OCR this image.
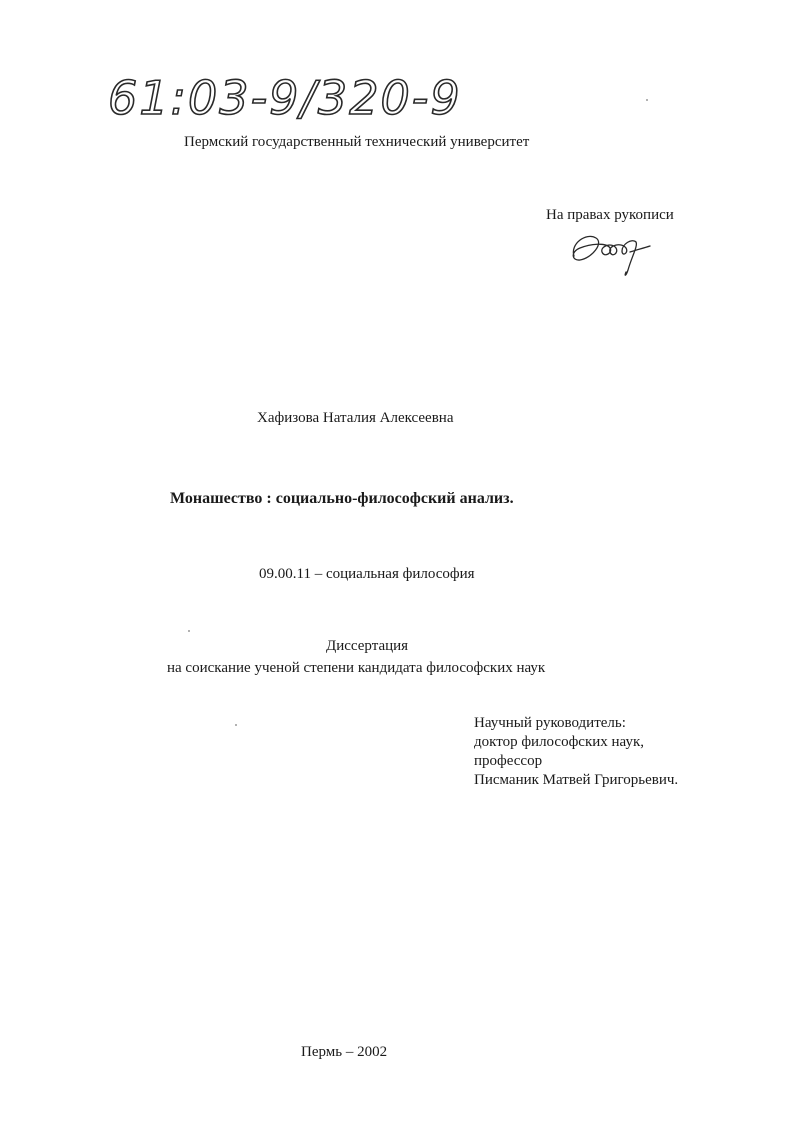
61:03-9/320-9
Пермский государственный технический университет
На правах рукописи
Хафизова Наталия Алексеевна
Монашество : социально-философский анализ.
09.00.11 – социальная философия
Диссертация
на соискание ученой степени кандидата философских наук
Научный руководитель:
доктор философских наук,
профессор
Писманик Матвей Григорьевич.
Пермь – 2002
